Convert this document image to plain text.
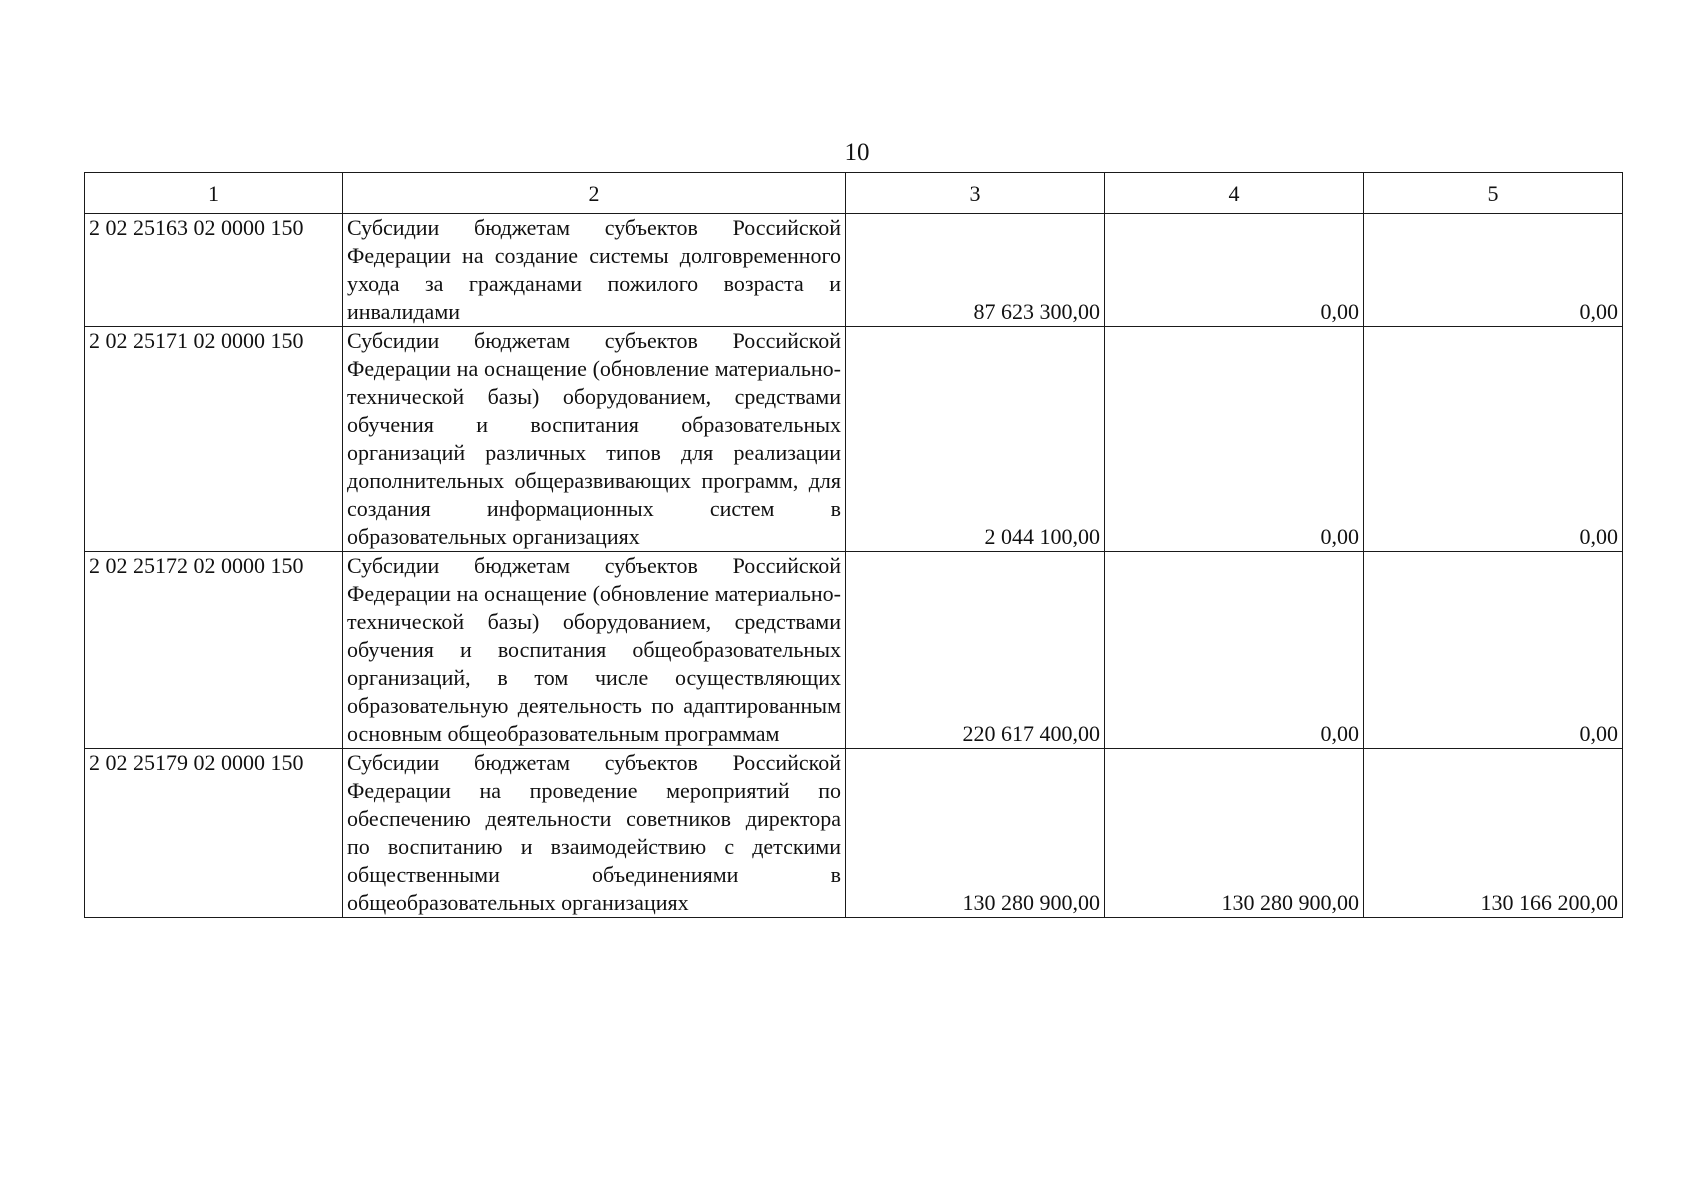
10
1	2	3	4	5
2 02 25163 02 0000 150	Субсидии бюджетам субъектов Российской Федерации на создание системы долговременного ухода за гражданами пожилого возраста и инвалидами	87 623 300,00	0,00	0,00
2 02 25171 02 0000 150	Субсидии бюджетам субъектов Российской Федерации на оснащение (обновление материально-технической базы) оборудованием, средствами обучения и воспитания образовательных организаций различных типов для реализации дополнительных общеразвивающих программ, для создания информационных систем в образовательных организациях	2 044 100,00	0,00	0,00
2 02 25172 02 0000 150	Субсидии бюджетам субъектов Российской Федерации на оснащение (обновление материально-технической базы) оборудованием, средствами обучения и воспитания общеобразовательных организаций, в том числе осуществляющих образовательную деятельность по адаптированным основным общеобразовательным программам	220 617 400,00	0,00	0,00
2 02 25179 02 0000 150	Субсидии бюджетам субъектов Российской Федерации на проведение мероприятий по обеспечению деятельности советников директора по воспитанию и взаимодействию с детскими общественными объединениями в общеобразовательных организациях	130 280 900,00	130 280 900,00	130 166 200,00
